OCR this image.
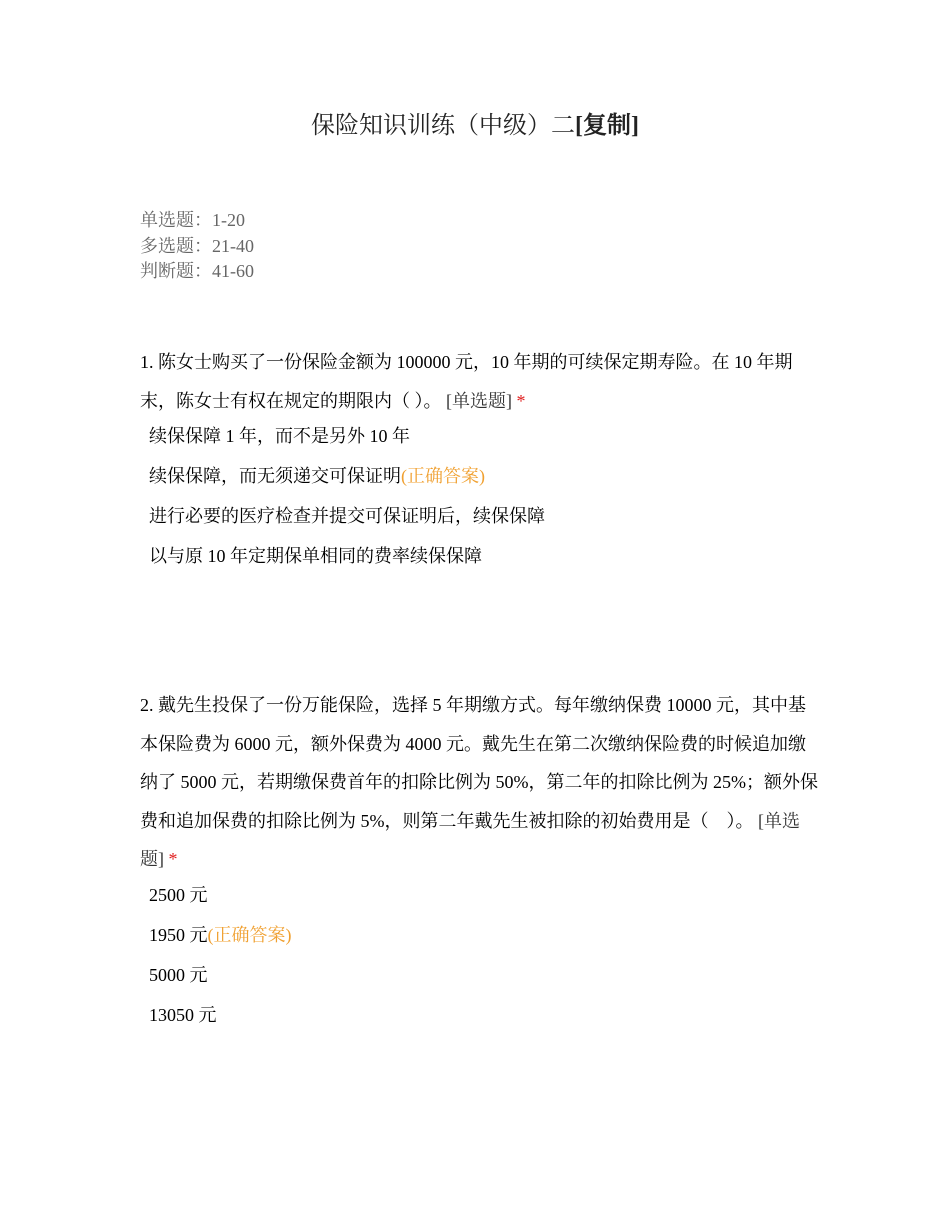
保险知识训练（中级）二[复制]
单选题：1-20
多选题：21-40
判断题：41-60
1. 陈女士购买了一份保险金额为 100000 元，10 年期的可续保定期寿险。在 10 年期末，陈女士有权在规定的期限内（ ）。 [单选题] *
续保保障 1 年，而不是另外 10 年
续保保障，而无须递交可保证明(正确答案)
进行必要的医疗检查并提交可保证明后，续保保障
以与原 10 年定期保单相同的费率续保保障
2. 戴先生投保了一份万能保险，选择 5 年期缴方式。每年缴纳保费 10000 元，其中基本保险费为 6000 元，额外保费为 4000 元。戴先生在第二次缴纳保险费的时候追加缴纳了 5000 元，若期缴保费首年的扣除比例为 50%，第二年的扣除比例为 25%；额外保费和追加保费的扣除比例为 5%，则第二年戴先生被扣除的初始费用是（　）。 [单选题] *
2500 元
1950 元(正确答案)
5000 元
13050 元
